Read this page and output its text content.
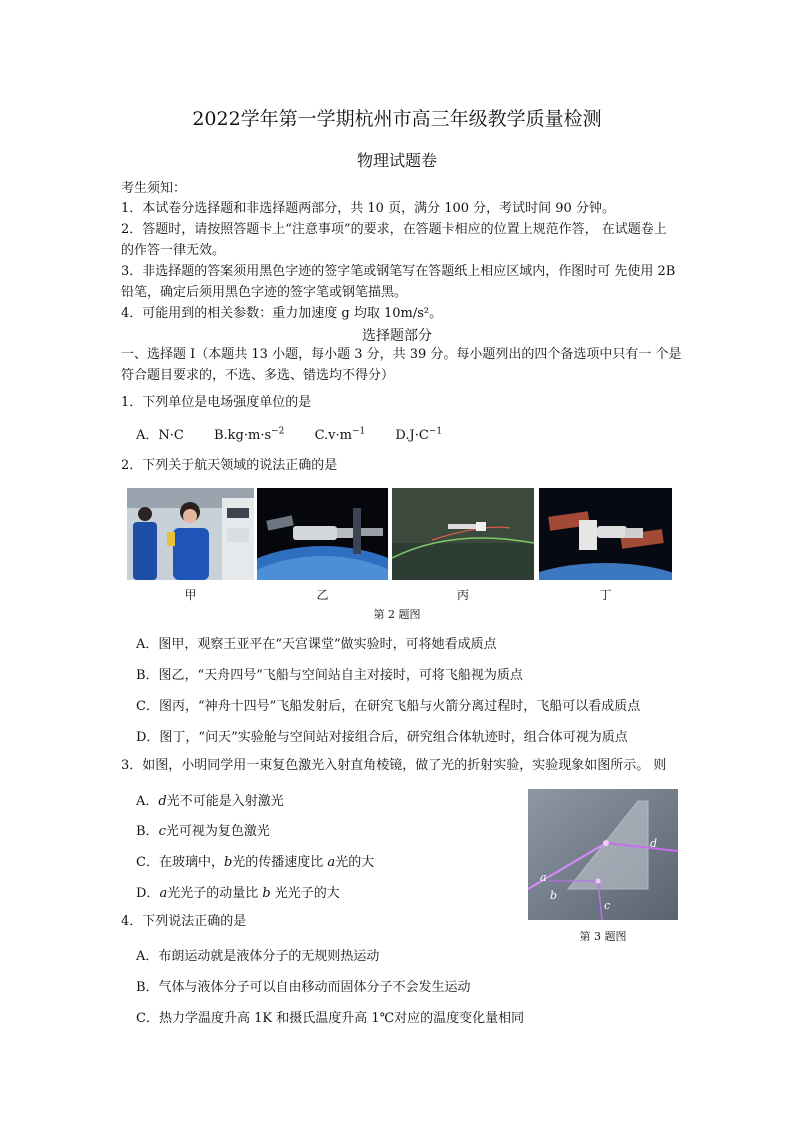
2022学年第一学期杭州市高三年级教学质量检测
物理试题卷
考生须知：
1．本试卷分选择题和非选择题两部分，共 10 页，满分 100 分，考试时间 90 分钟。
2．答题时，请按照答题卡上“注意事项”的要求，在答题卡相应的位置上规范作答， 在试题卷上
的作答一律无效。
3．非选择题的答案须用黑色字迹的签字笔或钢笔写在答题纸上相应区域内，作图时可 先使用 2B
铅笔，确定后须用黑色字迹的签字笔或钢笔描黑。
4．可能用到的相关参数：重力加速度 g 均取 10m/s²。
选择题部分
一、选择题 I（本题共 13 小题，每小题 3 分，共 39 分。每小题列出的四个备选项中只有一 个是
符合题目要求的，不选、多选、错选均不得分）
1．下列单位是电场强度单位的是
A．N·C $B.kg\cdot m\cdot s^{-2}$ $C.v\cdot m^{-1}$ $D.J\cdot C^{-1}$
2．下列关于航天领域的说法正确的是
甲	乙	丙	丁
第 2 题图
A．图甲，观察王亚平在“天宫课堂”做实验时，可将她看成质点
B．图乙，“天舟四号”飞船与空间站自主对接时，可将飞船视为质点
C．图丙，“神舟十四号”飞船发射后，在研究飞船与火箭分离过程时，飞船可以看成质点
D．图丁，“问天”实验舱与空间站对接组合后，研究组合体轨迹时，组合体可视为质点
3．如图，小明同学用一束复色激光入射直角棱镜，做了光的折射实验，实验现象如图所示。 则
A．d光不可能是入射激光
B．c光可视为复色激光
C．在玻璃中，b光的传播速度比 a光的大
D．a光光子的动量比 b 光光子的大
a
b
c
d
第 3 题图
4．下列说法正确的是
A．布朗运动就是液体分子的无规则热运动
B．气体与液体分子可以自由移动而固体分子不会发生运动
C．热力学温度升高 1K 和摄氏温度升高 1℃对应的温度变化量相同
